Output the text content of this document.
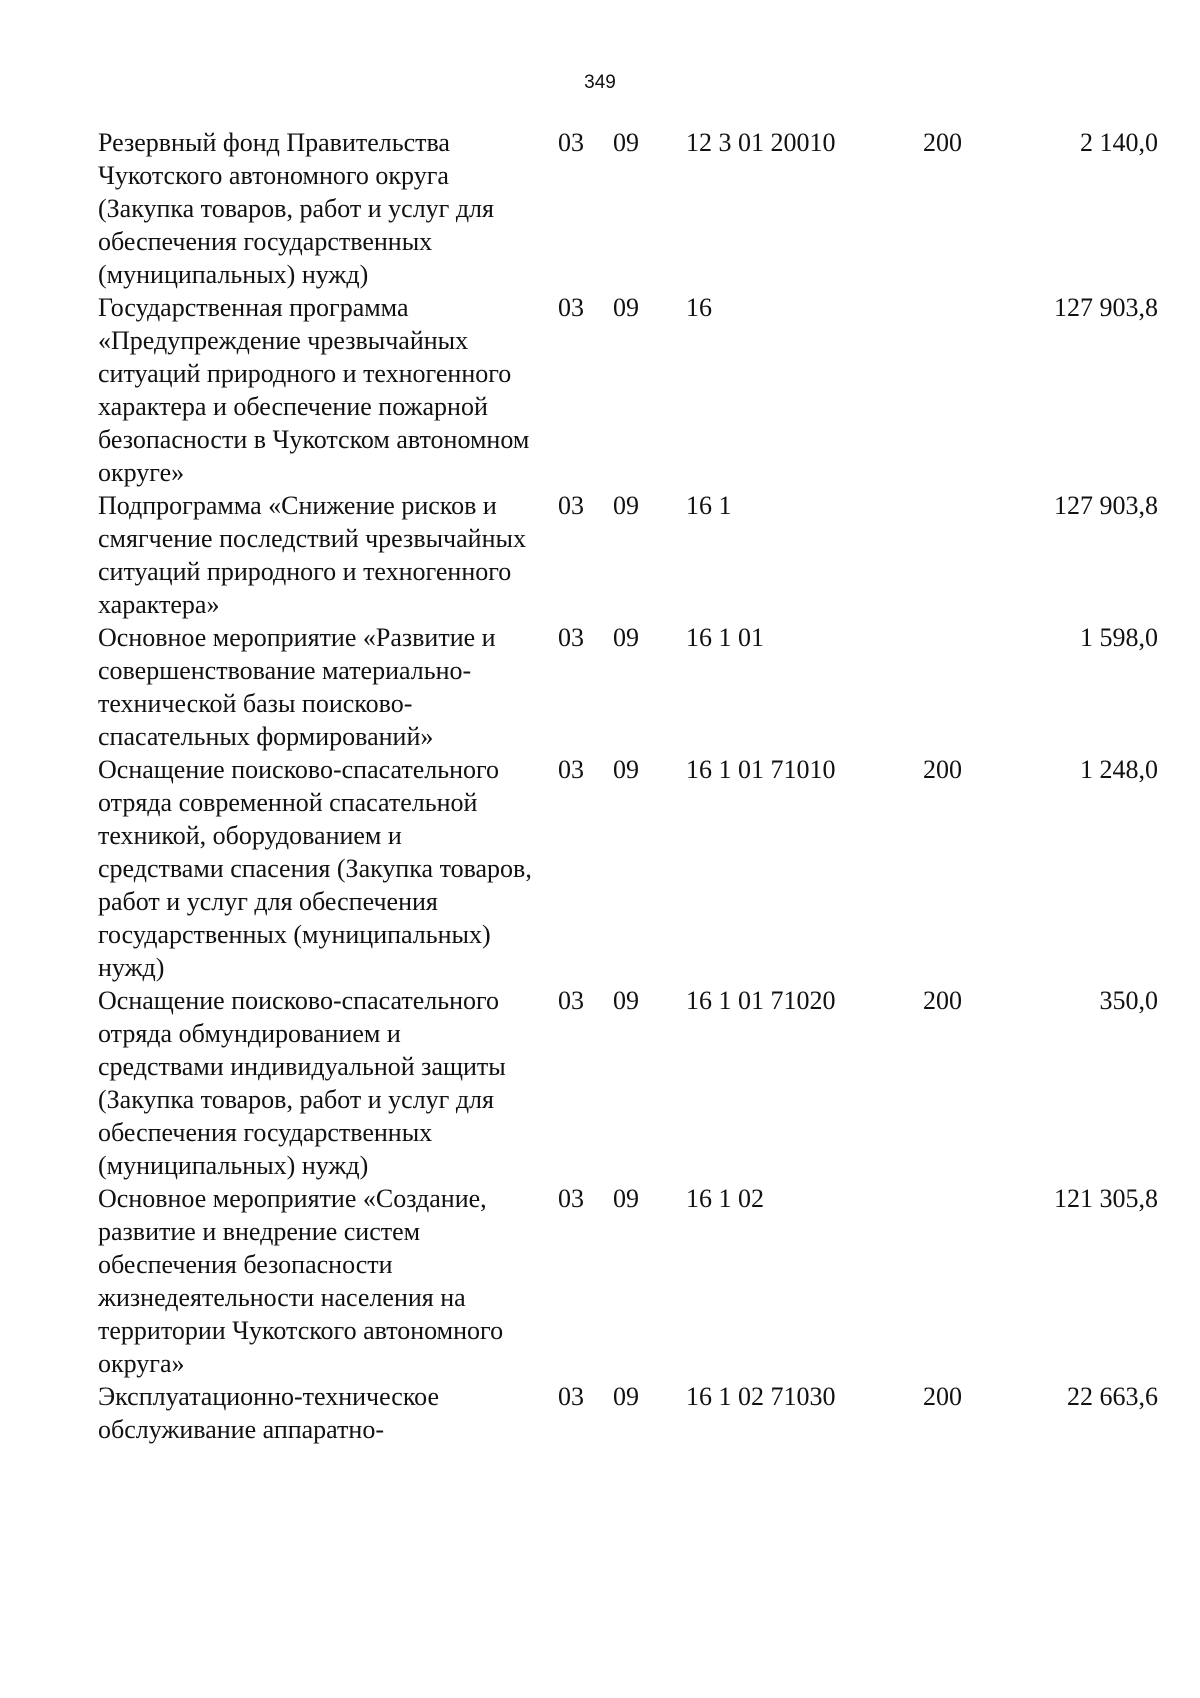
349
Резервный фонд Правительства Чукотского автономного округа (Закупка товаров, работ и услуг для обеспечения государственных (муниципальных) нужд)	03	09	12 3 01 20010	200	2 140,0
Государственная программа «Предупреждение чрезвычайных ситуаций природного и техногенного характера и обеспечение пожарной безопасности в Чукотском автономном округе»	03	09	16		127 903,8
Подпрограмма «Снижение рисков и смягчение последствий чрезвычайных ситуаций природного и техногенного характера»	03	09	16 1		127 903,8
Основное мероприятие «Развитие и совершенствование материально-технической базы поисково-спасательных формирований»	03	09	16 1 01		1 598,0
Оснащение поисково-спасательного отряда современной спасательной техникой, оборудованием и средствами спасения (Закупка товаров, работ и услуг для обеспечения государственных (муниципальных) нужд)	03	09	16 1 01 71010	200	1 248,0
Оснащение поисково-спасательного отряда обмундированием и средствами индивидуальной защиты (Закупка товаров, работ и услуг для обеспечения государственных (муниципальных) нужд)	03	09	16 1 01 71020	200	350,0
Основное мероприятие «Создание, развитие и внедрение систем обеспечения безопасности жизнедеятельности населения на территории Чукотского автономного округа»	03	09	16 1 02		121 305,8
Эксплуатационно-техническое обслуживание аппаратно-	03	09	16 1 02 71030	200	22 663,6
